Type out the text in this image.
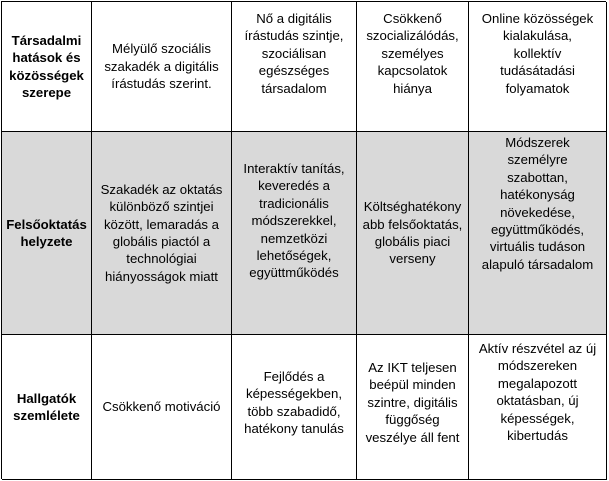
Társadalmi
hatások és
közösségek
szerepe
Mélyülő szociális
szakadék a digitális
írástudás szerint.
Nő a digitális
írástudás szintje,
szociálisan
egészséges
társadalom
Csökkenő
szocializálódás,
személyes
kapcsolatok
hiánya
Online közösségek
kialakulása,
kollektív
tudásátadási
folyamatok
Felsőoktatás
helyzete
Szakadék az oktatás
különböző szintjei
között, lemaradás a
globális piactól a
technológiai
hiányosságok miatt
Interaktív tanítás,
keveredés a
tradicionális
módszerekkel,
nemzetközi
lehetőségek,
együttműködés
Költséghatékony
abb felsőoktatás,
globális piaci
verseny
Módszerek
személyre
szabottan,
hatékonyság
növekedése,
együttműködés,
virtuális tudáson
alapuló társadalom
Hallgatók
szemlélete
Csökkenő motiváció
Fejlődés a
képességekben,
több szabadidő,
hatékony tanulás
Az IKT teljesen
beépül minden
szintre, digitális
függőség
veszélye áll fent
Aktív részvétel az új
módszereken
megalapozott
oktatásban, új
képességek,
kibertudás
